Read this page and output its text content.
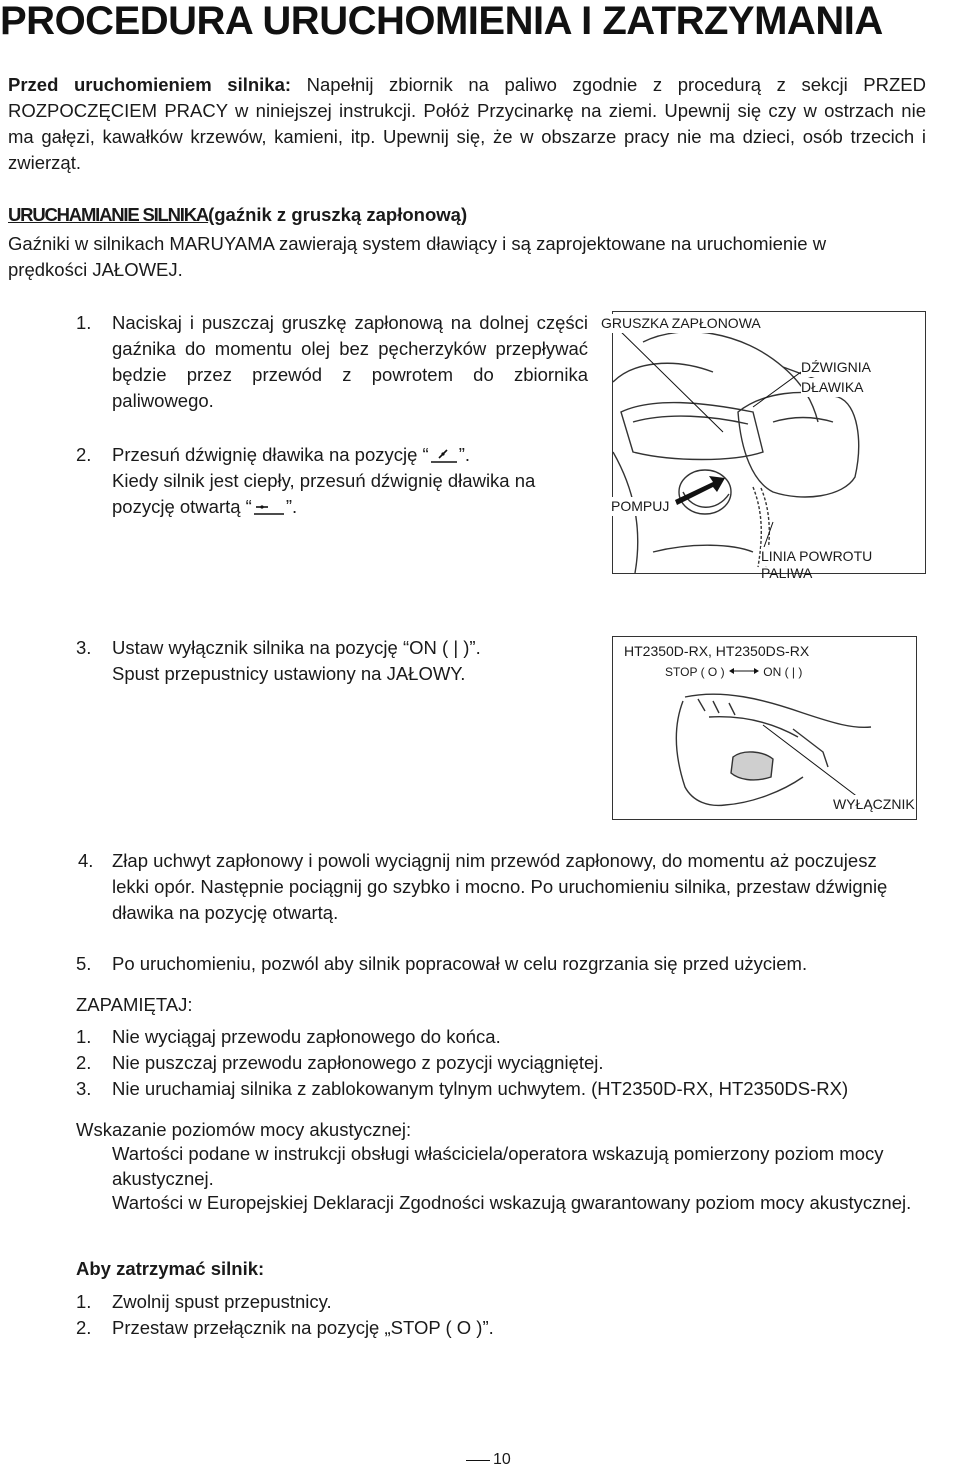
PROCEDURA URUCHOMIENIA I ZATRZYMANIA
Przed uruchomieniem silnika: Napełnij zbiornik na paliwo zgodnie z procedurą z sekcji PRZED ROZPOCZĘCIEM PRACY w niniejszej instrukcji. Połóż Przycinarkę na ziemi. Upewnij się czy w ostrzach nie ma gałęzi, kawałków krzewów, kamieni, itp. Upewnij się, że w obszarze pracy nie ma dzieci, osób trzecich i zwierząt.
URUCHAMIANIE SILNIKA(gaźnik z gruszką zapłonową)
Gaźniki w silnikach MARUYAMA zawierają system dławiący i są zaprojektowane na uruchomienie w prędkości JAŁOWEJ.
1. Naciskaj i puszczaj gruszkę zapłonową na dolnej części gaźnika do momentu olej bez pęcherzyków przepływać będzie przez przewód z powrotem do zbiornika paliwowego.
2. Przesuń dźwignię dławika na pozycję “ ”.
Kiedy silnik jest ciepły, przesuń dźwignię dławika na
pozycję otwartą “ ”.
GRUSZKA ZAPŁONOWA
DŹWIGNIA
DŁAWIKA
POMPUJ
LINIA POWROTU
PALIWA
3. Ustaw wyłącznik silnika na pozycję “ON ( | )”.
Spust przepustnicy ustawiony na JAŁOWY.
HT2350D-RX, HT2350DS-RX
STOP ( O )	ON ( | )
WYŁĄCZNIK
4. Złap uchwyt zapłonowy i powoli wyciągnij nim przewód zapłonowy, do momentu aż poczujesz
lekki opór. Następnie pociągnij go szybko i mocno. Po uruchomieniu silnika, przestaw dźwignię
dławika na pozycję otwartą.
5. Po uruchomieniu, pozwól aby silnik popracował w celu rozgrzania się przed użyciem.
ZAPAMIĘTAJ:
1. Nie wyciągaj przewodu zapłonowego do końca.
2. Nie puszczaj przewodu zapłonowego z pozycji wyciągniętej.
3. Nie uruchamiaj silnika z zablokowanym tylnym uchwytem. (HT2350D-RX, HT2350DS-RX)
Wskazanie poziomów mocy akustycznej:
Wartości podane w instrukcji obsługi właściciela/operatora wskazują pomierzony poziom mocy akustycznej.
Wartości w Europejskiej Deklaracji Zgodności wskazują gwarantowany poziom mocy akustycznej.
Aby zatrzymać silnik:
1. Zwolnij spust przepustnicy.
2. Przestaw przełącznik na pozycję „STOP ( O )”.
10
